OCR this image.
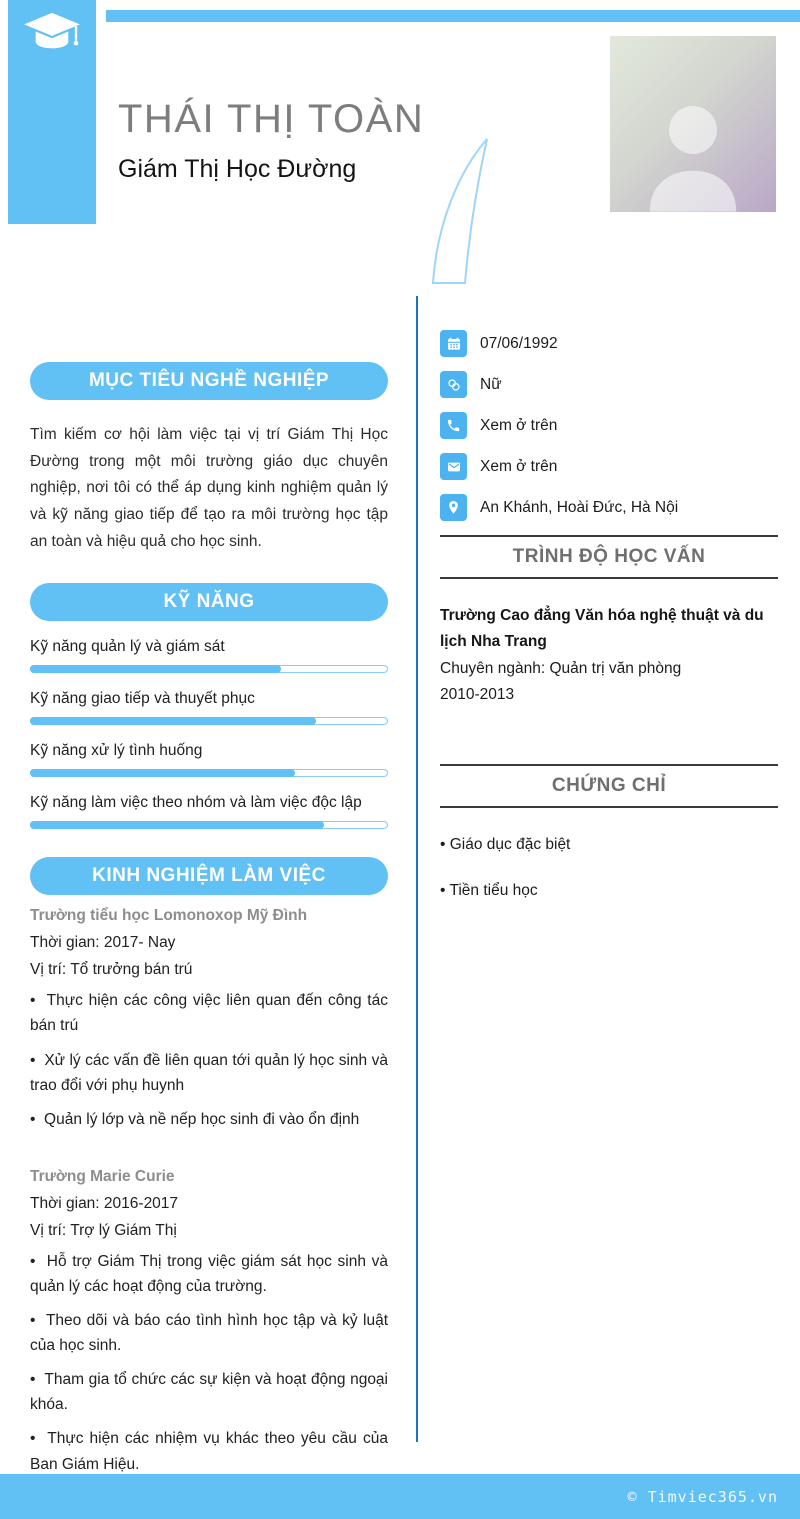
THÁI THỊ TOÀN
Giám Thị Học Đường
MỤC TIÊU NGHỀ NGHIỆP

Tìm kiếm cơ hội làm việc tại vị trí Giám Thị Học Đường trong một môi trường giáo dục chuyên nghiệp, nơi tôi có thể áp dụng kinh nghiệm quản lý và kỹ năng giao tiếp để tạo ra môi trường học tập an toàn và hiệu quả cho học sinh.

KỸ NĂNG
Kỹ năng quản lý và giám sát
Kỹ năng giao tiếp và thuyết phục
Kỹ năng xử lý tình huống
Kỹ năng làm việc theo nhóm và làm việc độc lập
KINH NGHIỆM LÀM VIỆC
Trường tiểu học Lomonoxop Mỹ Đình
Thời gian: 2017- Nay
Vị trí: Tổ trưởng bán trú

• Thực hiện các công việc liên quan đến công tác bán trú

• Xử lý các vấn đề liên quan tới quản lý học sinh và trao đổi với phụ huynh

• Quản lý lớp và nề nếp học sinh đi vào ổn định

Trường Marie Curie
Thời gian: 2016-2017
Vị trí: Trợ lý Giám Thị

• Hỗ trợ Giám Thị trong việc giám sát học sinh và quản lý các hoạt động của trường.

• Theo dõi và báo cáo tình hình học tập và kỷ luật của học sinh.

• Tham gia tổ chức các sự kiện và hoạt động ngoại khóa.

• Thực hiện các nhiệm vụ khác theo yêu cầu của Ban Giám Hiệu.

07/06/1992
Nữ
Xem ở trên
Xem ở trên
An Khánh, Hoài Đức, Hà Nội
TRÌNH ĐỘ HỌC VẤN
Trường Cao đẳng Văn hóa nghệ thuật và du lịch Nha Trang
Chuyên ngành: Quản trị văn phòng
2010-2013
CHỨNG CHỈ
• Giáo dục đặc biệt
• Tiền tiểu học
© Timviec365.vn
